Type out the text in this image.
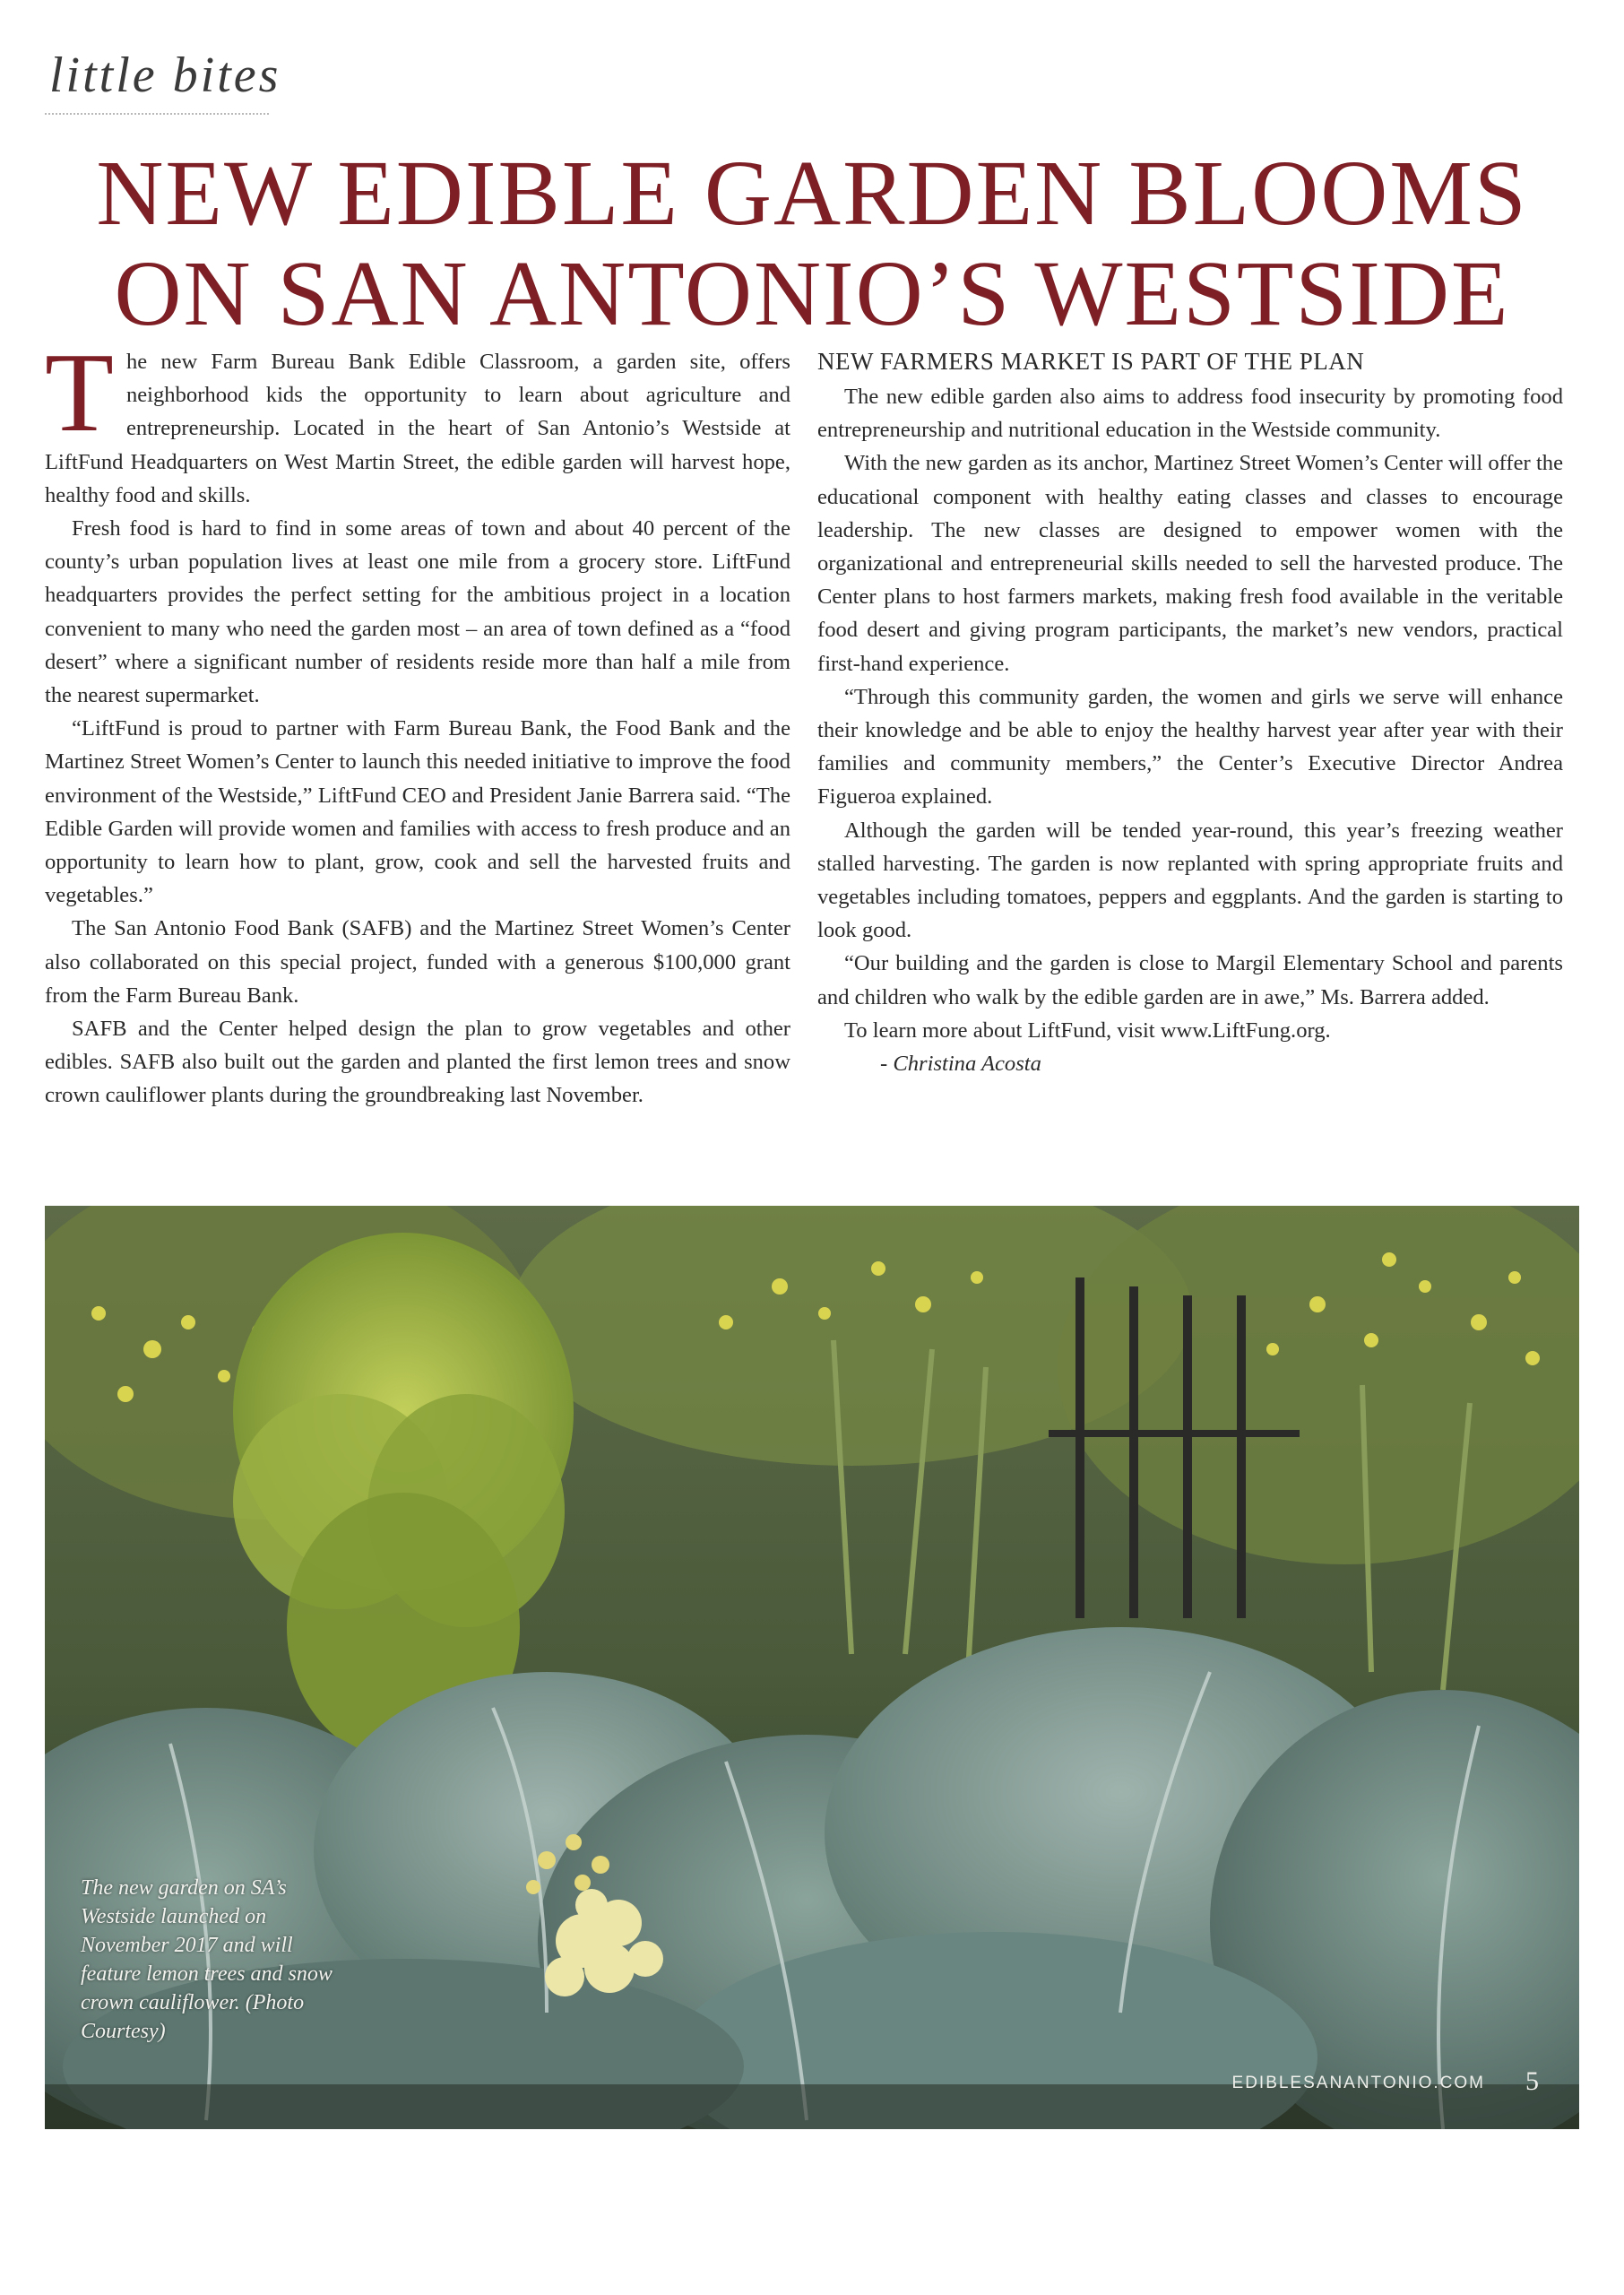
little bites
NEW EDIBLE GARDEN BLOOMS
ON SAN ANTONIO’S WESTSIDE

The new Farm Bureau Bank Edible Classroom, a garden site, offers neighborhood kids the opportunity to learn about agriculture and entrepreneurship. Located in the heart of San Antonio’s Westside at LiftFund Headquarters on West Martin Street, the edible garden will harvest hope, healthy food and skills.

Fresh food is hard to find in some areas of town and about 40 percent of the county’s urban population lives at least one mile from a grocery store. LiftFund headquarters provides the perfect setting for the ambitious project in a location convenient to many who need the garden most – an area of town defined as a “food desert” where a significant number of residents reside more than half a mile from the nearest supermarket.

“LiftFund is proud to partner with Farm Bureau Bank, the Food Bank and the Martinez Street Women’s Center to launch this needed initiative to improve the food environment of the Westside,” LiftFund CEO and President Janie Barrera said. “The Edible Garden will provide women and families with access to fresh produce and an opportunity to learn how to plant, grow, cook and sell the harvested fruits and vegetables.”

The San Antonio Food Bank (SAFB) and the Martinez Street Women’s Center also collaborated on this special project, funded with a generous $100,000 grant from the Farm Bureau Bank.

SAFB and the Center helped design the plan to grow vegetables and other edibles. SAFB also built out the garden and planted the first lemon trees and snow crown cauliflower plants during the groundbreaking last November.

NEW FARMERS MARKET IS PART OF THE PLAN

The new edible garden also aims to address food insecurity by promoting food entrepreneurship and nutritional education in the Westside community.

With the new garden as its anchor, Martinez Street Women’s Center will offer the educational component with healthy eating classes and classes to encourage leadership. The new classes are designed to empower women with the organizational and entrepreneurial skills needed to sell the harvested produce. The Center plans to host farmers markets, making fresh food available in the veritable food desert and giving program participants, the market’s new vendors, practical first-hand experience.

“Through this community garden, the women and girls we serve will enhance their knowledge and be able to enjoy the healthy harvest year after year with their families and community members,” the Center’s Executive Director Andrea Figueroa explained.

Although the garden will be tended year-round, this year’s freezing weather stalled harvesting. The garden is now replanted with spring appropriate fruits and vegetables including tomatoes, peppers and eggplants. And the garden is starting to look good.

“Our building and the garden is close to Margil Elementary School and parents and children who walk by the edible garden are in awe,” Ms. Barrera added.

To learn more about LiftFund, visit www.LiftFung.org.

- Christina Acosta

The new garden on SA’s Westside launched on November 2017 and will feature lemon trees and snow crown cauliflower. (Photo Courtesy)
EDIBLESANANTONIO.COM 5
